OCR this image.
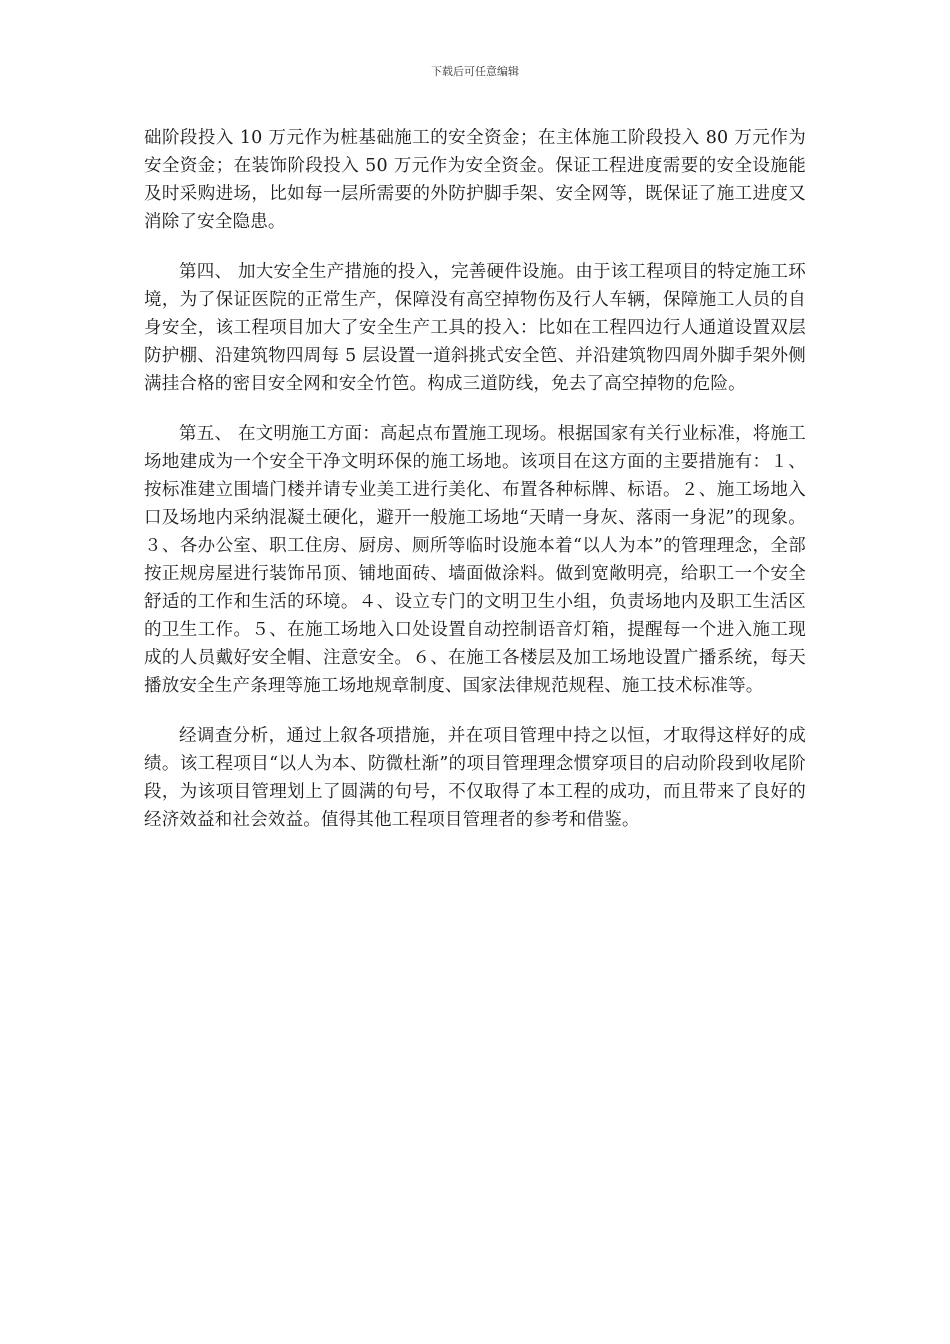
下载后可任意编辑

础阶段投入 10 万元作为桩基础施工的安全资金；在主体施工阶段投入 80 万元作为安全资金；在装饰阶段投入 50 万元作为安全资金。保证工程进度需要的安全设施能及时采购进场，比如每一层所需要的外防护脚手架、安全网等，既保证了施工进度又消除了安全隐患。

第四、 加大安全生产措施的投入，完善硬件设施。由于该工程项目的特定施工环境，为了保证医院的正常生产，保障没有高空掉物伤及行人车辆，保障施工人员的自身安全，该工程项目加大了安全生产工具的投入：比如在工程四边行人通道设置双层防护棚、沿建筑物四周每 5 层设置一道斜挑式安全笆、并沿建筑物四周外脚手架外侧满挂合格的密目安全网和安全竹笆。构成三道防线，免去了高空掉物的危险。

第五、 在文明施工方面：高起点布置施工现场。根据国家有关行业标准，将施工场地建成为一个安全干净文明环保的施工场地。该项目在这方面的主要措施有：１、按标准建立围墙门楼并请专业美工进行美化、布置各种标牌、标语。２、施工场地入口及场地内采纳混凝土硬化，避开一般施工场地“天晴一身灰、落雨一身泥”的现象。３、各办公室、职工住房、厨房、厕所等临时设施本着“以人为本”的管理理念，全部按正规房屋进行装饰吊顶、铺地面砖、墙面做涂料。做到宽敞明亮，给职工一个安全舒适的工作和生活的环境。４、设立专门的文明卫生小组，负责场地内及职工生活区的卫生工作。５、在施工场地入口处设置自动控制语音灯箱，提醒每一个进入施工现成的人员戴好安全帽、注意安全。６、在施工各楼层及加工场地设置广播系统，每天播放安全生产条理等施工场地规章制度、国家法律规范规程、施工技术标准等。

经调查分析，通过上叙各项措施，并在项目管理中持之以恒，才取得这样好的成绩。该工程项目“以人为本、防微杜渐”的项目管理理念惯穿项目的启动阶段到收尾阶段，为该项目管理划上了圆满的句号，不仅取得了本工程的成功，而且带来了良好的经济效益和社会效益。值得其他工程项目管理者的参考和借鉴。
